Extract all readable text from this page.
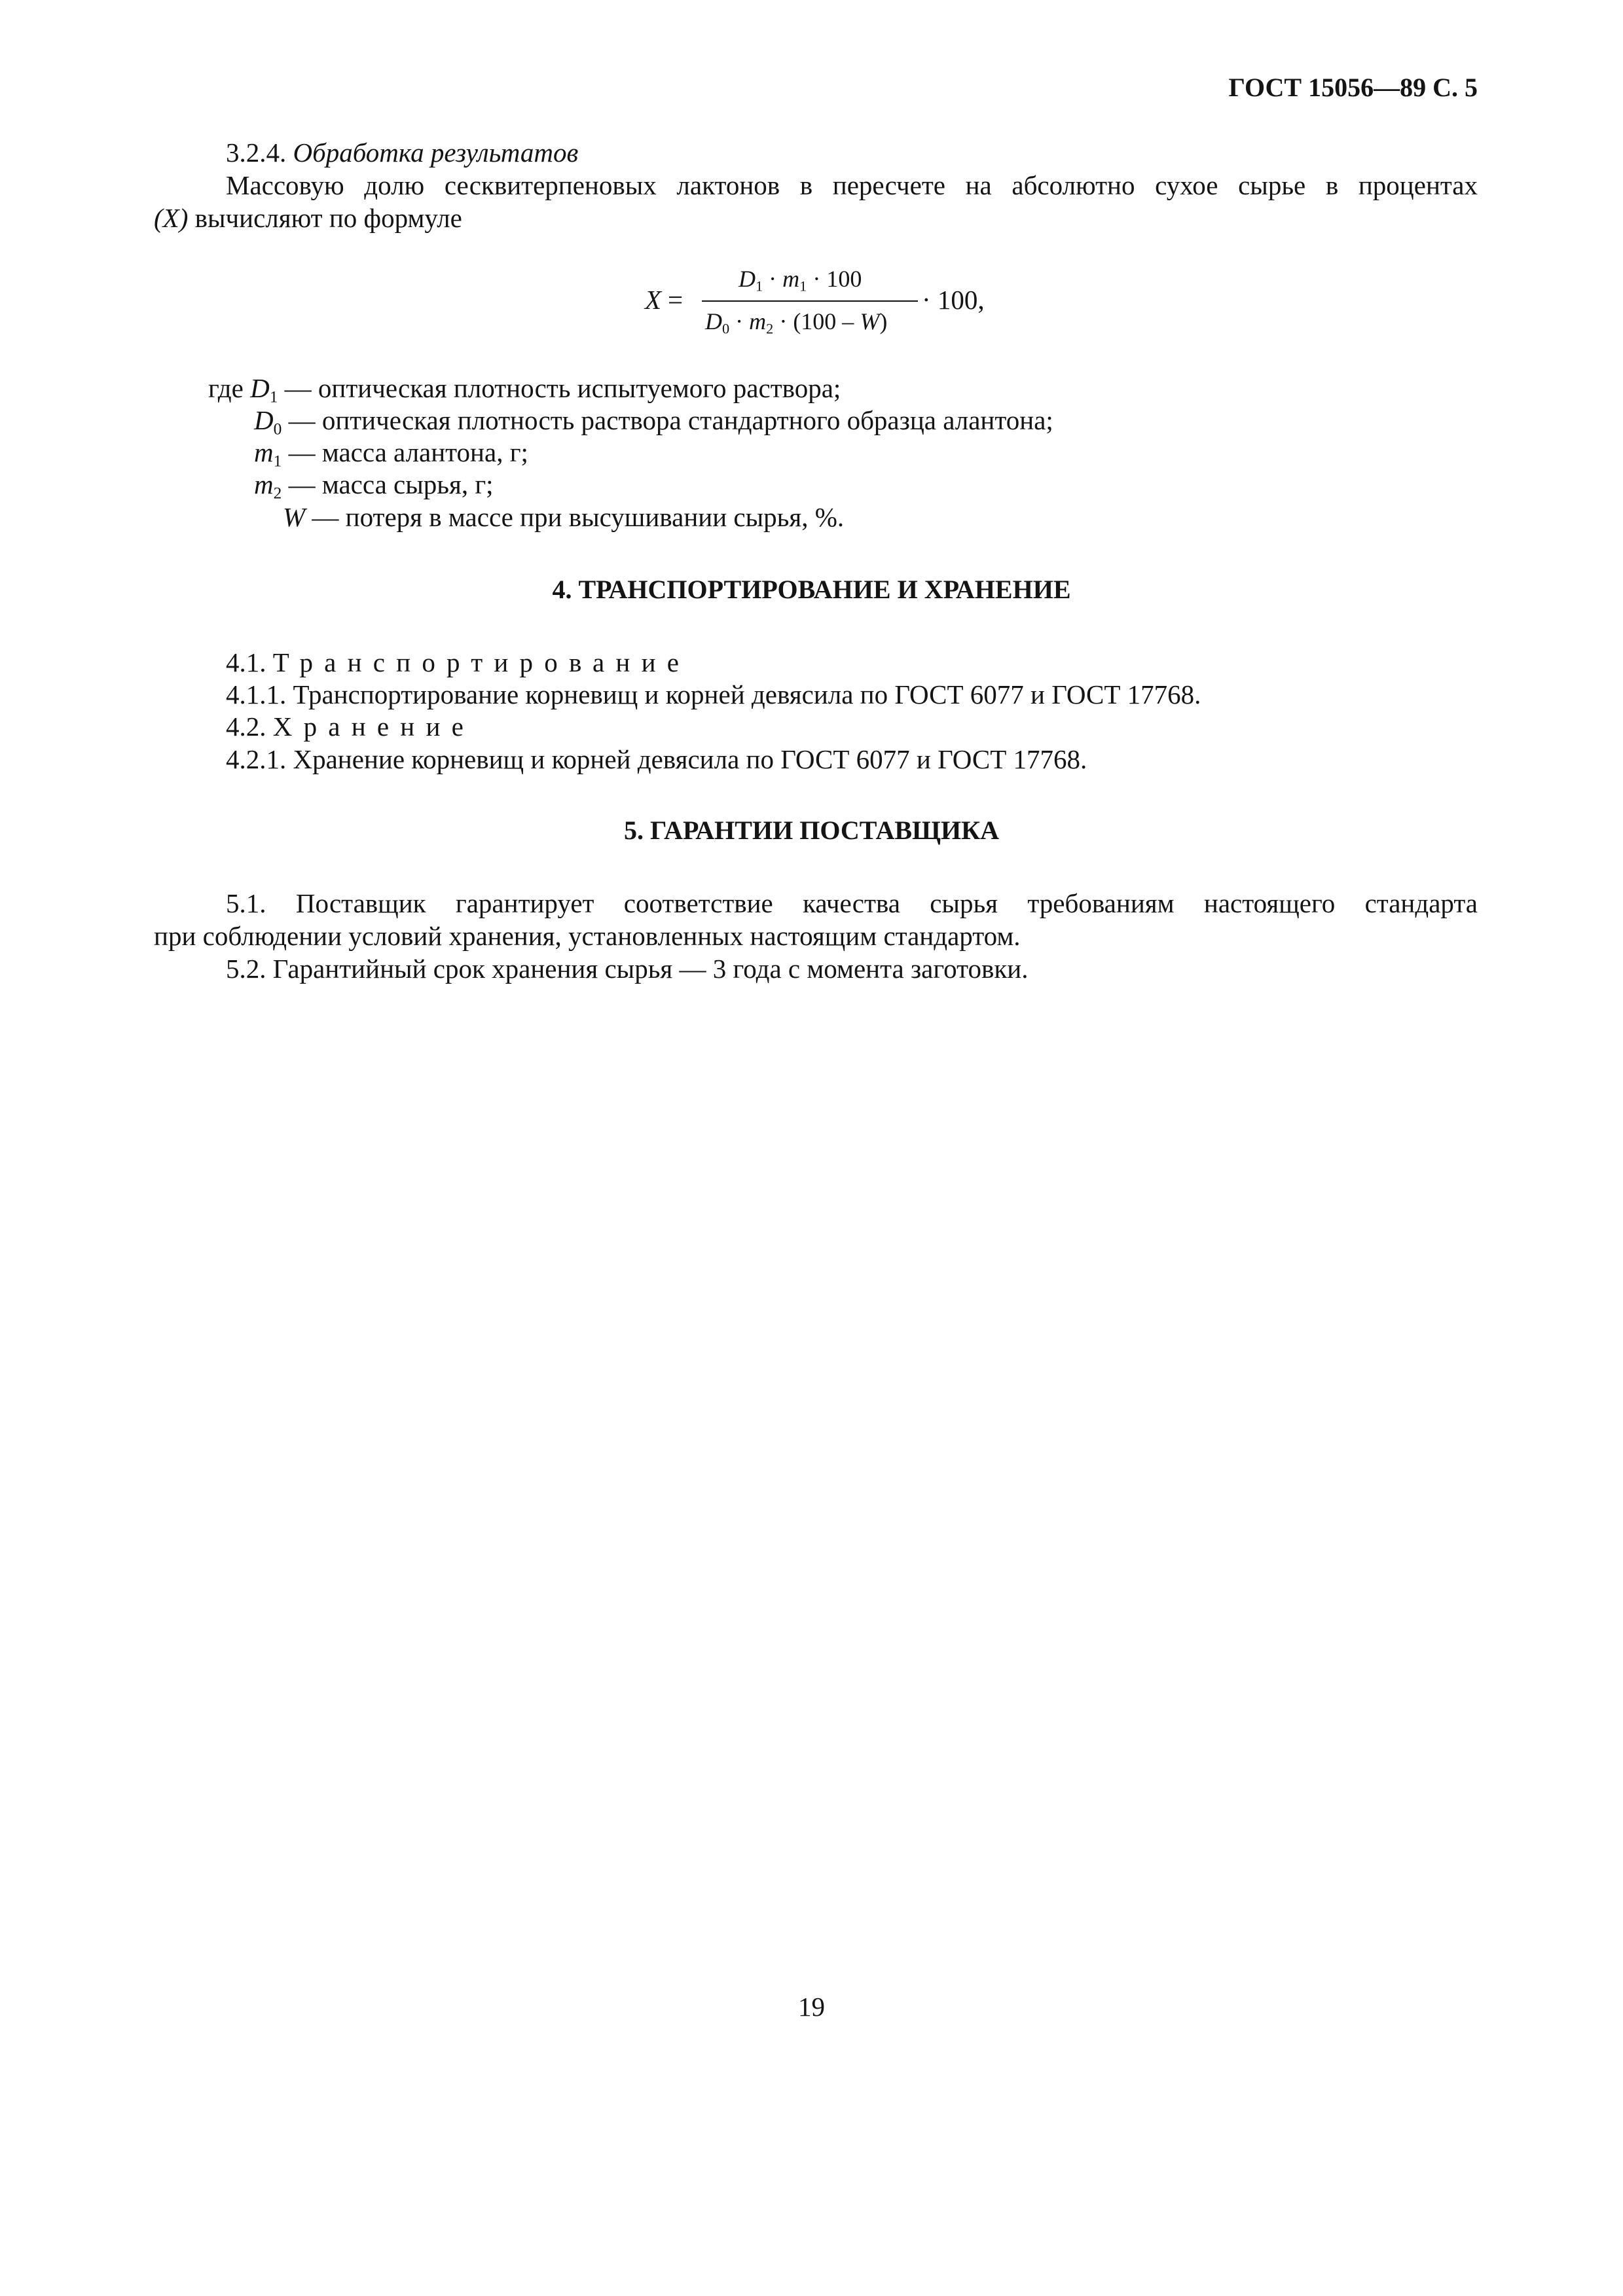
ГОСТ 15056—89 С. 5
3.2.4. Обработка результатов
Массовую долю сесквитерпеновых лактонов в пересчете на абсолютно сухое сырье в процентах
(X) вычисляют по формуле
X =
$D_1 \cdot m_1 \cdot 100$
$D_0 \cdot m_2 \cdot (100 - W)$
· 100,
где $D_1$ — оптическая плотность испытуемого раствора;
$D_0$ — оптическая плотность раствора стандартного образца алантона;
$m_1$ — масса алантона, г;
$m_2$ — масса сырья, г;
W — потеря в массе при высушивании сырья, %.
4. ТРАНСПОРТИРОВАНИЕ И ХРАНЕНИЕ
4.1. Транспортирование
4.1.1. Транспортирование корневищ и корней девясила по ГОСТ 6077 и ГОСТ 17768.
4.2. Хранение
4.2.1. Хранение корневищ и корней девясила по ГОСТ 6077 и ГОСТ 17768.
5. ГАРАНТИИ ПОСТАВЩИКА
5.1. Поставщик гарантирует соответствие качества сырья требованиям настоящего стандарта
при соблюдении условий хранения, установленных настоящим стандартом.
5.2. Гарантийный срок хранения сырья — 3 года с момента заготовки.
19
